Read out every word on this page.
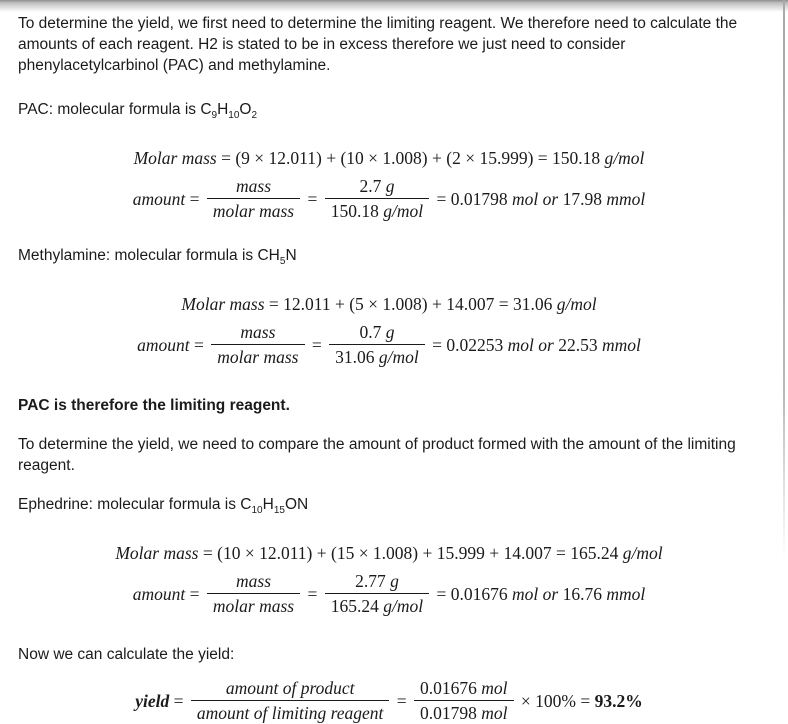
To determine the yield, we first need to determine the limiting reagent. We therefore need to calculate the amounts of each reagent. H2 is stated to be in excess therefore we just need to consider phenylacetylcarbinol (PAC) and methylamine.

PAC: molecular formula is $C_9H_{10}O_2$

Molar mass = (9 × 12.011) + (10 × 1.008) + (2 × 15.999) = 150.18 g/mol
amount = $\frac{\text{mass}}{\text{molar mass}} = \frac{2.7 g}{\text{150.18 g/mol}} = 0.01798$ mol or 17.98 mmol

Methylamine: molecular formula is $CH_5N$

Molar mass = 12.011 + (5 × 1.008) + 14.007 = 31.06 g/mol
amount = $\frac{\text{mass}}{\text{molar mass}} = \frac{0.7 g}{\text{31.06 g/mol}} = 0.02253$ mol or 22.53 mmol

PAC is therefore the limiting reagent.

To determine the yield, we need to compare the amount of product formed with the amount of the limiting reagent.

Ephedrine: molecular formula is $C_{10}H_{15}ON$

Molar mass = (10 × 12.011) + (15 × 1.008) + 15.999 + 14.007 = 165.24 g/mol
amount = $\frac{\text{mass}}{\text{molar mass}} = \frac{2.77 g}{\text{165.24 g/mol}} = 0.01676$ mol or 16.76 mmol

Now we can calculate the yield:

yield = $\frac{\text{amount of product}}{\text{amount of limiting reagent}} = \frac{\text{0.01676 mol}}{\text{0.01798 mol}} \times 100\% = 93.2\%$
